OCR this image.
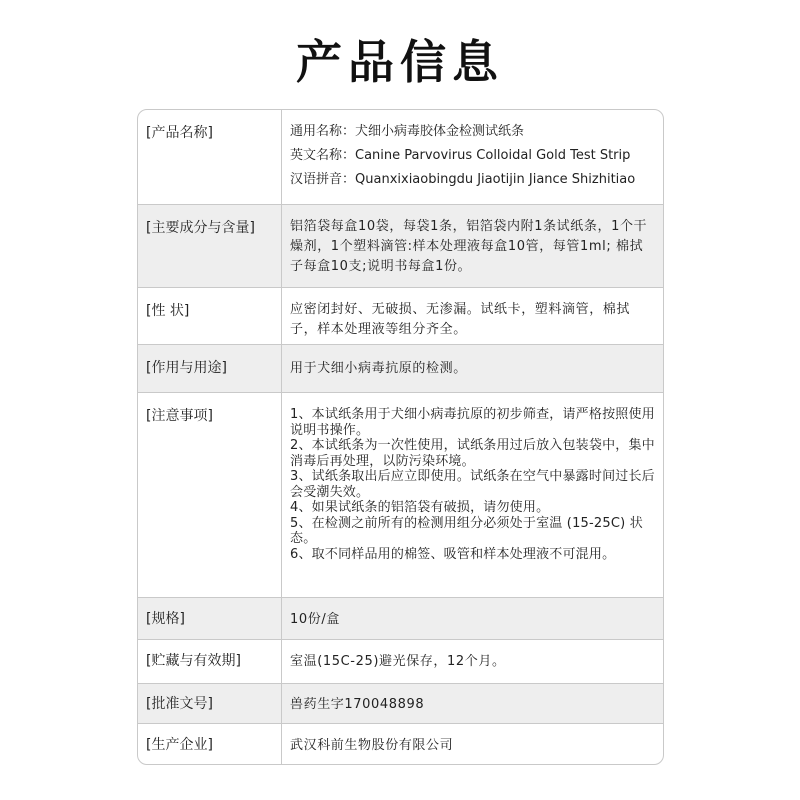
产品信息
[产品名称]	通用名称：犬细小病毒胶体金检测试纸条
英文名称：Canine Parvovirus Colloidal Gold Test Strip
汉语拼音：Quanxixiaobingdu Jiaotijin Jiance Shizhitiao
[主要成分与含量]	铝箔袋每盒10袋，每袋1条，铝箔袋内附1条试纸条，1个干燥剂，1个塑料滴管:样本处理液每盒10管，每管1ml; 棉拭子每盒10支;说明书每盒1份。
[性 状]	应密闭封好、无破损、无渗漏。试纸卡，塑料滴管，棉拭子，样本处理液等组分齐全。
[作用与用途]	用于犬细小病毒抗原的检测。
[注意事项]	1、本试纸条用于犬细小病毒抗原的初步筛查，请严格按照使用说明书操作。
2、本试纸条为一次性使用，试纸条用过后放入包装袋中，集中消毒后再处理，以防污染环境。
3、试纸条取出后应立即使用。试纸条在空气中暴露时间过长后会受潮失效。
4、如果试纸条的铝箔袋有破损，请勿使用。
5、在检测之前所有的检测用组分必须处于室温 (15-25C) 状态。
6、取不同样品用的棉签、吸管和样本处理液不可混用。
[规格]	10份/盒
[贮藏与有效期]	室温(15C-25)避光保存，12个月。
[批准文号]	兽药生字170048898
[生产企业]	武汉科前生物股份有限公司
